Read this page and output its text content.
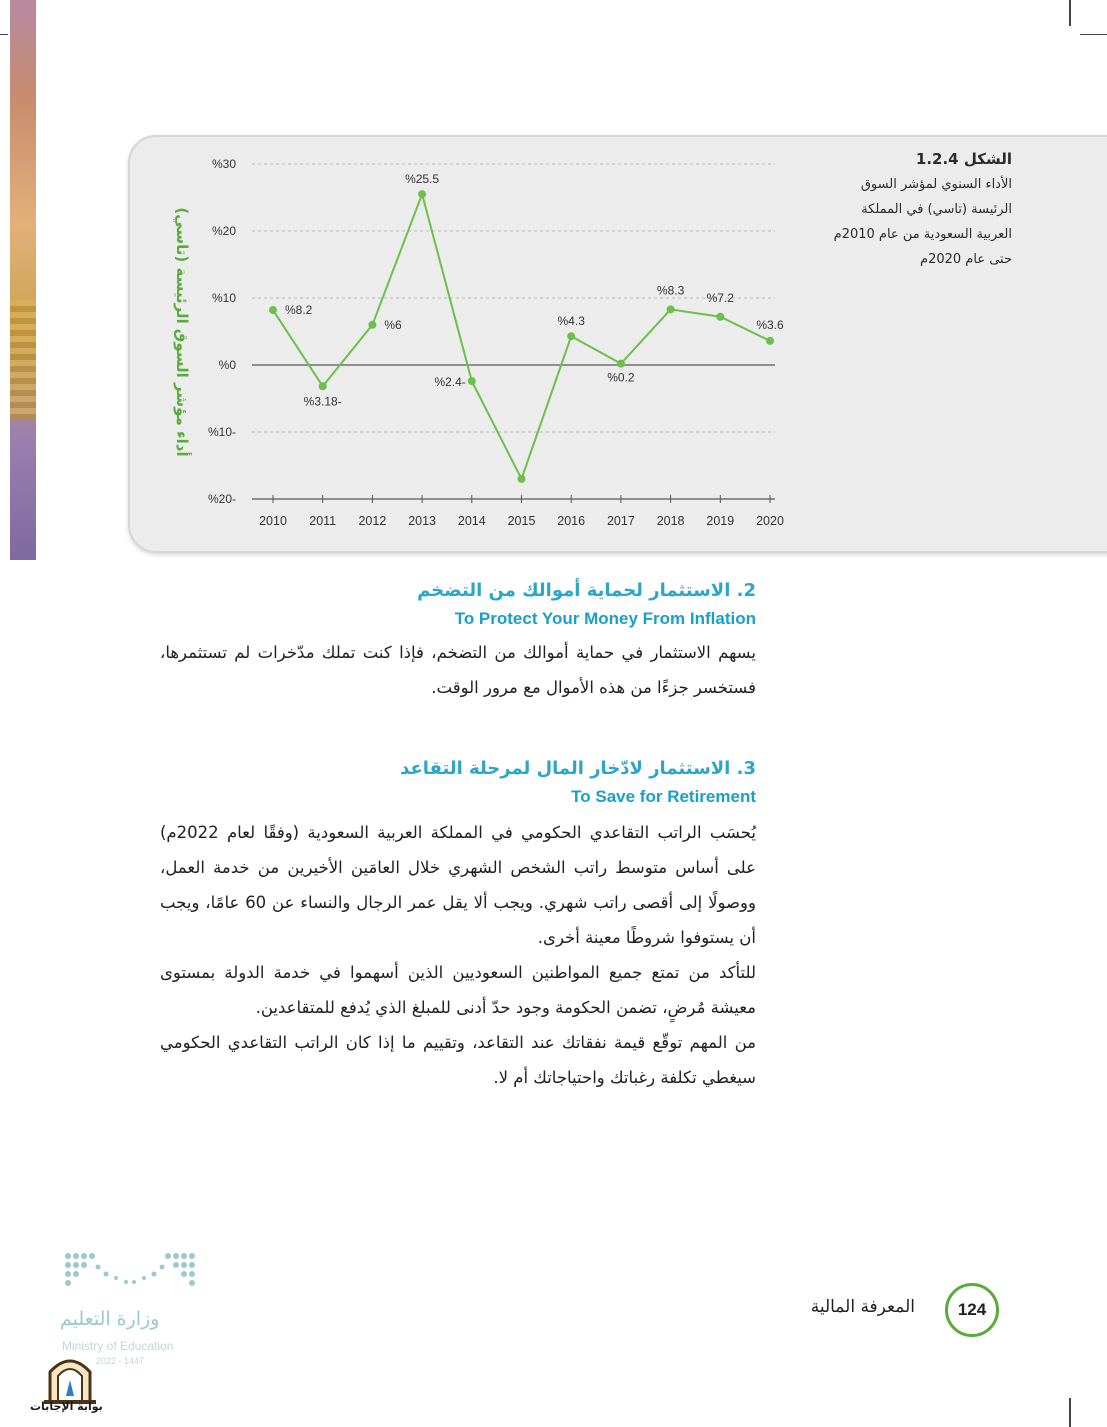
%30
%20
%10
%0
%10-
%20-
2010 2011 2012 2013 2014 2015 2016 2017 2018 2019 2020
%8.2
%3.18-
%6
%25.5
%2.4-
%4.3
%0.2
%8.3
%7.2
%3.6
أداء مؤشر السوق الرئيسة (تاسي)
الشكل 1.2.4
الأداء السنوي لمؤشر السوق
الرئيسة (تاسي) في المملكة
العربية السعودية من عام 2010م
حتى عام 2020م
2. الاستثمار لحماية أموالك من التضخم
To Protect Your Money From Inflation

يسهم الاستثمار في حماية أموالك من التضخم، فإذا كنت تملك مدّخرات لم تستثمرها، فستخسر جزءًا من هذه الأموال مع مرور الوقت.

3. الاستثمار لادّخار المال لمرحلة التقاعد
To Save for Retirement

يُحسَب الراتب التقاعدي الحكومي في المملكة العربية السعودية (وفقًا لعام 2022م) على أساس متوسط راتب الشخص الشهري خلال العامَين الأخيرين من خدمة العمل، ووصولًا إلى أقصى راتب شهري. ويجب ألا يقل عمر الرجال والنساء عن 60 عامًا، ويجب أن يستوفوا شروطًا معينة أخرى.

للتأكد من تمتع جميع المواطنين السعوديين الذين أسهموا في خدمة الدولة بمستوى معيشة مُرضٍ، تضمن الحكومة وجود حدّ أدنى للمبلغ الذي يُدفع للمتقاعدين.

من المهم توقّع قيمة نفقاتك عند التقاعد، وتقييم ما إذا كان الراتب التقاعدي الحكومي سيغطي تكلفة رغباتك واحتياجاتك أم لا.

المعرفة المالية	124
وزارة التعليم
Ministry of Education
2022 - 1447
بوابة الإجابات
